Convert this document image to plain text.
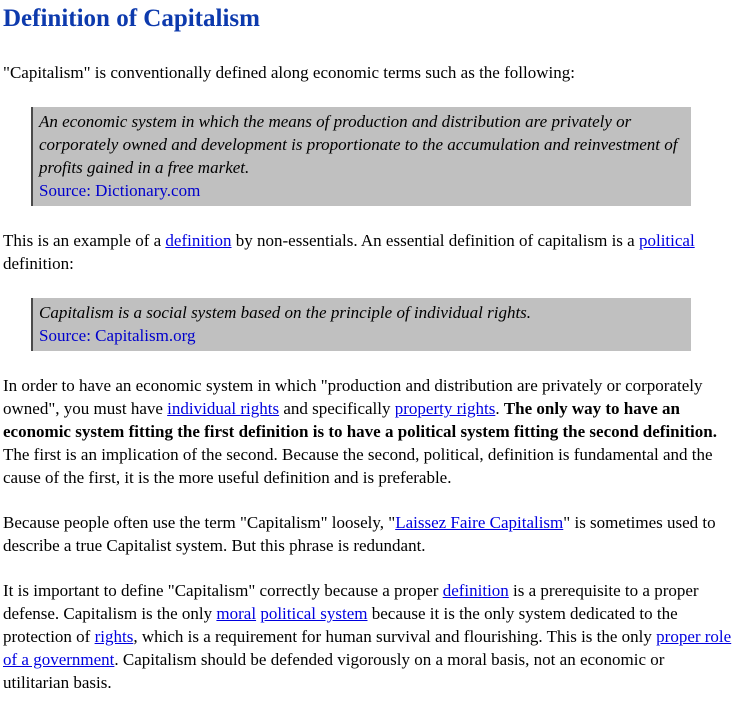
Definition of Capitalism

"Capitalism" is conventionally defined along economic terms such as the following:

An economic system in which the means of production and distribution are privately or corporately owned and development is proportionate to the accumulation and reinvestment of profits gained in a free market.
Source: Dictionary.com

This is an example of a definition by non-essentials. An essential definition of capitalism is a political definition:

Capitalism is a social system based on the principle of individual rights.
Source: Capitalism.org

In order to have an economic system in which "production and distribution are privately or corporately owned", you must have individual rights and specifically property rights. The only way to have an economic system fitting the first definition is to have a political system fitting the second definition. The first is an implication of the second. Because the second, political, definition is fundamental and the cause of the first, it is the more useful definition and is preferable.

Because people often use the term "Capitalism" loosely, "Laissez Faire Capitalism" is sometimes used to describe a true Capitalist system. But this phrase is redundant.

It is important to define "Capitalism" correctly because a proper definition is a prerequisite to a proper defense. Capitalism is the only moral political system because it is the only system dedicated to the protection of rights, which is a requirement for human survival and flourishing. This is the only proper role of a government. Capitalism should be defended vigorously on a moral basis, not an economic or utilitarian basis.
